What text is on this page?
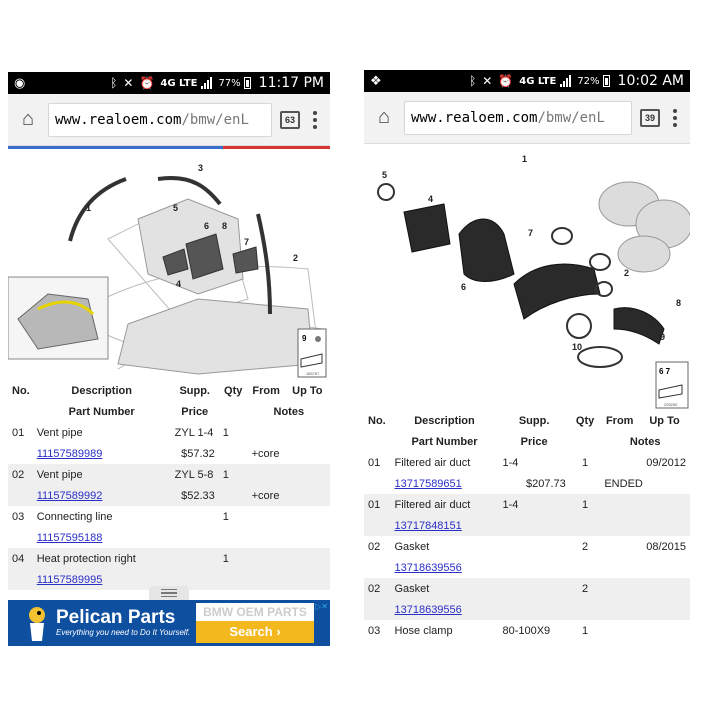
◉	ᛒ ✕ ⏰ 4G LTE 77% 11:17 PM
⌂ www.realoem.com /bmw/enL	63
1
2
3
4
5
6
7
8
9
185787
No.	Description	Supp.	Qty	From	Up To
	Part Number	Price		Notes	
01	Vent pipe	ZYL 1-4	1		
	11157589989	$57.32		+core	
02	Vent pipe	ZYL 5-8	1		
	11157589992	$52.33		+core	
03	Connecting line		1		
	11157595188				
04	Heat protection right		1		
	11157589995				
Pelican Parts
Everything you need to Do It Yourself.
BMW OEM PARTS
Search ›
▷✕
❖	ᛒ ✕ ⏰ 4G LTE 72% 10:02 AM
⌂ www.realoem.com /bmw/enL	39
1
2
4
5
6
7
8
9
10
6 7
205250
No.	Description	Supp.	Qty	From	Up To
	Part Number	Price		Notes	
01	Filtered air duct	1-4	1		09/2012
	13717589651	$207.73		ENDED	
01	Filtered air duct	1-4	1		
	13717848151				
02	Gasket		2		08/2015
	13718639556				
02	Gasket		2		
	13718639556				
03	Hose clamp	80-100X9	1		
